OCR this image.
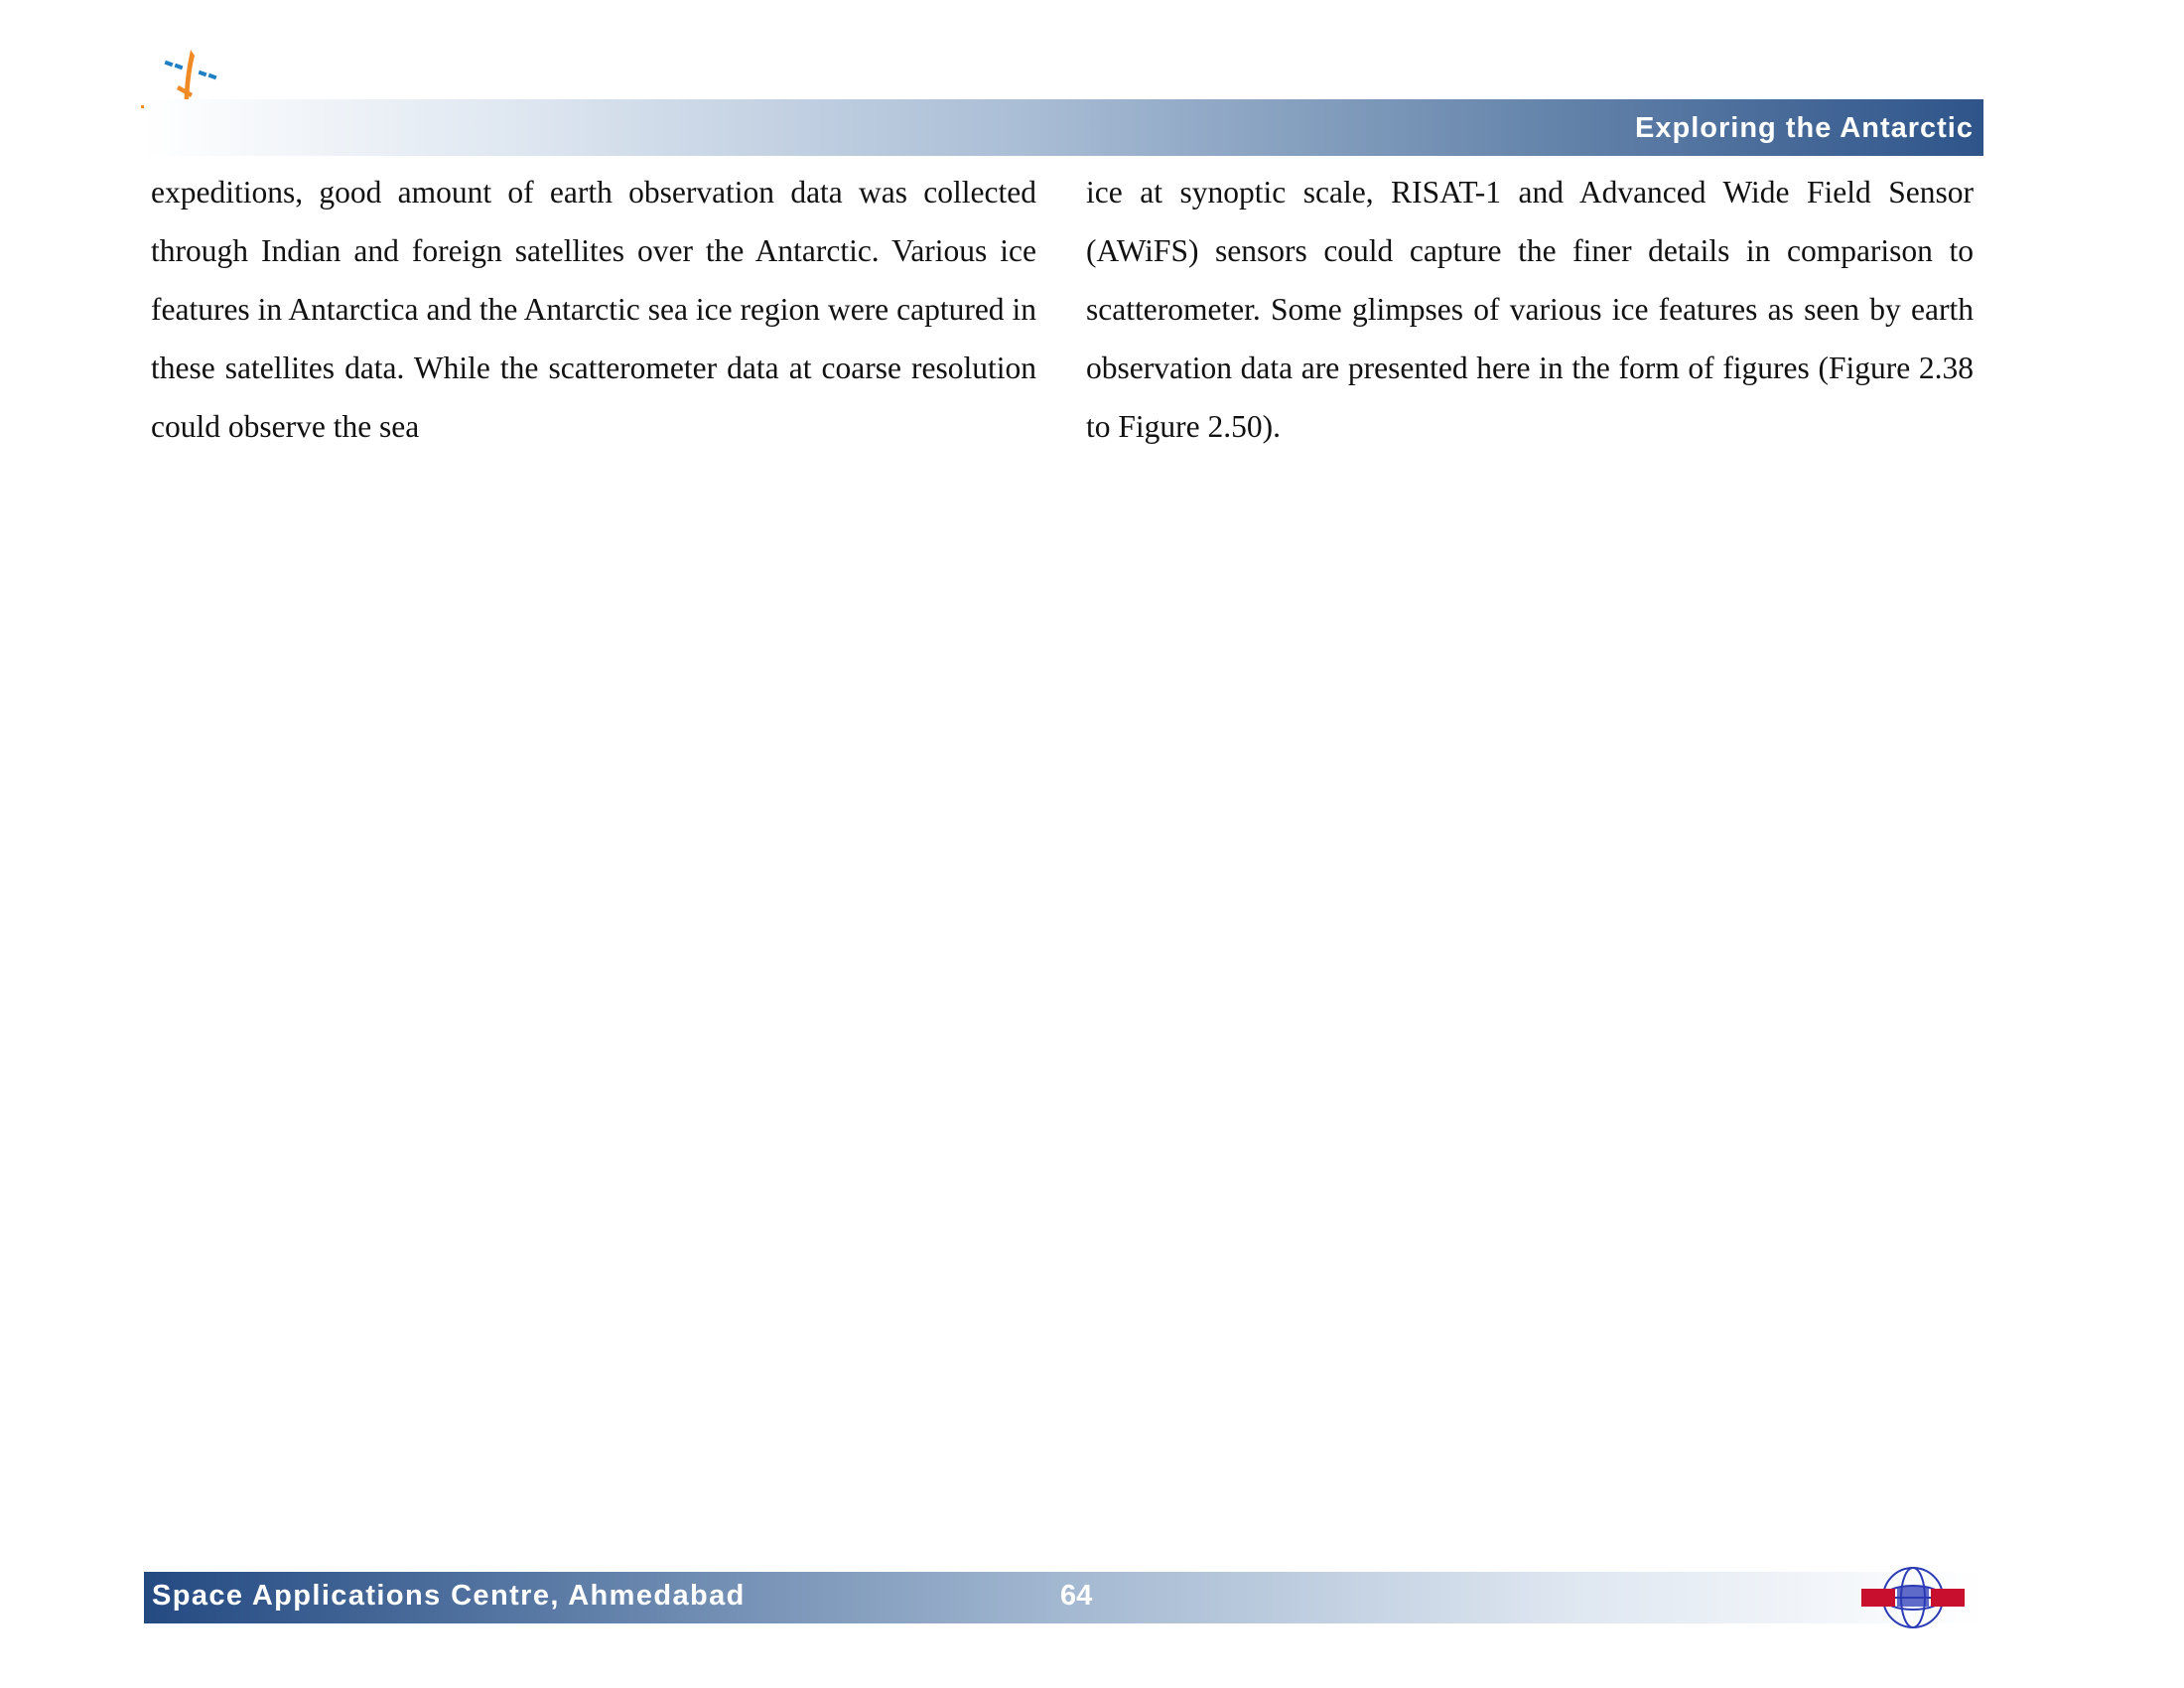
Exploring the Antarctic

expeditions, good amount of earth observation data was collected through Indian and foreign satellites over the Antarctic. Various ice features in Antarctica and the Antarctic sea ice region were captured in these satellites data. While the scatterometer data at coarse resolution could observe the sea

ice at synoptic scale, RISAT-1 and Advanced Wide Field Sensor (AWiFS) sensors could capture the finer details in comparison to scatterometer. Some glimpses of various ice features as seen by earth observation data are presented here in the form of figures (Figure 2.38 to Figure 2.50).

Space Applications Centre, Ahmedabad	64
